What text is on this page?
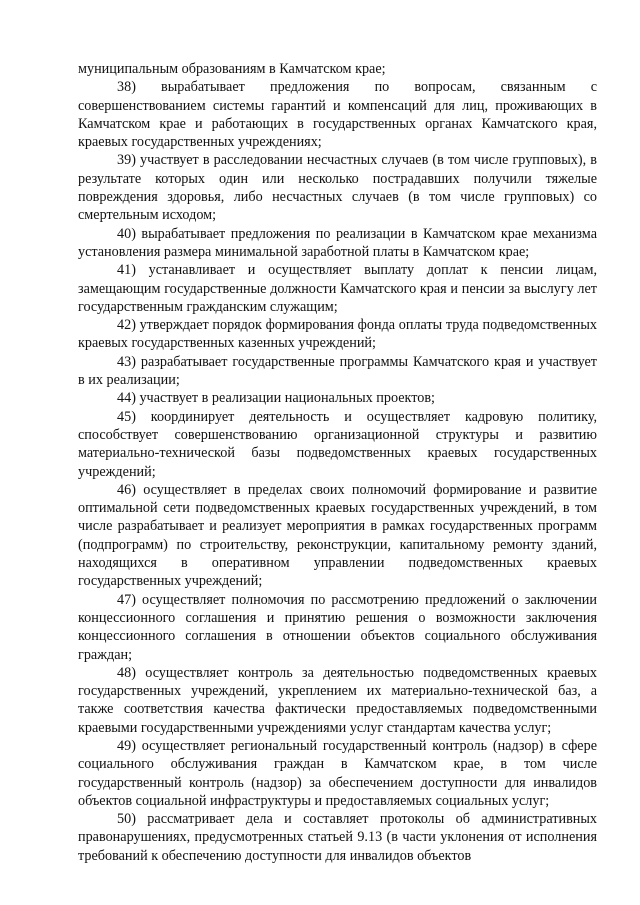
муниципальным образованиям в Камчатском крае;

38) вырабатывает предложения по вопросам, связанным с совершенствованием системы гарантий и компенсаций для лиц, проживающих в Камчатском крае и работающих в государственных органах Камчатского края, краевых государственных учреждениях;

39) участвует в расследовании несчастных случаев (в том числе групповых), в результате которых один или несколько пострадавших получили тяжелые повреждения здоровья, либо несчастных случаев (в том числе групповых) со смертельным исходом;

40) вырабатывает предложения по реализации в Камчатском крае механизма установления размера минимальной заработной платы в Камчатском крае;

41) устанавливает и осуществляет выплату доплат к пенсии лицам, замещающим государственные должности Камчатского края и пенсии за выслугу лет государственным гражданским служащим;

42) утверждает порядок формирования фонда оплаты труда подведомственных краевых государственных казенных учреждений;

43) разрабатывает государственные программы Камчатского края и участвует в их реализации;

44) участвует в реализации национальных проектов;

45) координирует деятельность и осуществляет кадровую политику, способствует совершенствованию организационной структуры и развитию материально-технической базы подведомственных краевых государственных учреждений;

46) осуществляет в пределах своих полномочий формирование и развитие оптимальной сети подведомственных краевых государственных учреждений, в том числе разрабатывает и реализует мероприятия в рамках государственных программ (подпрограмм) по строительству, реконструкции, капитальному ремонту зданий, находящихся в оперативном управлении подведомственных краевых государственных учреждений;

47) осуществляет полномочия по рассмотрению предложений о заключении концессионного соглашения и принятию решения о возможности заключения концессионного соглашения в отношении объектов социального обслуживания граждан;

48) осуществляет контроль за деятельностью подведомственных краевых государственных учреждений, укреплением их материально-технической баз, а также соответствия качества фактически предоставляемых подведомственными краевыми государственными учреждениями услуг стандартам качества услуг;

49) осуществляет региональный государственный контроль (надзор) в сфере социального обслуживания граждан в Камчатском крае, в том числе государственный контроль (надзор) за обеспечением доступности для инвалидов объектов социальной инфраструктуры и предоставляемых социальных услуг;

50) рассматривает дела и составляет протоколы об административных правонарушениях, предусмотренных статьей 9.13 (в части уклонения от исполнения требований к обеспечению доступности для инвалидов объектов
